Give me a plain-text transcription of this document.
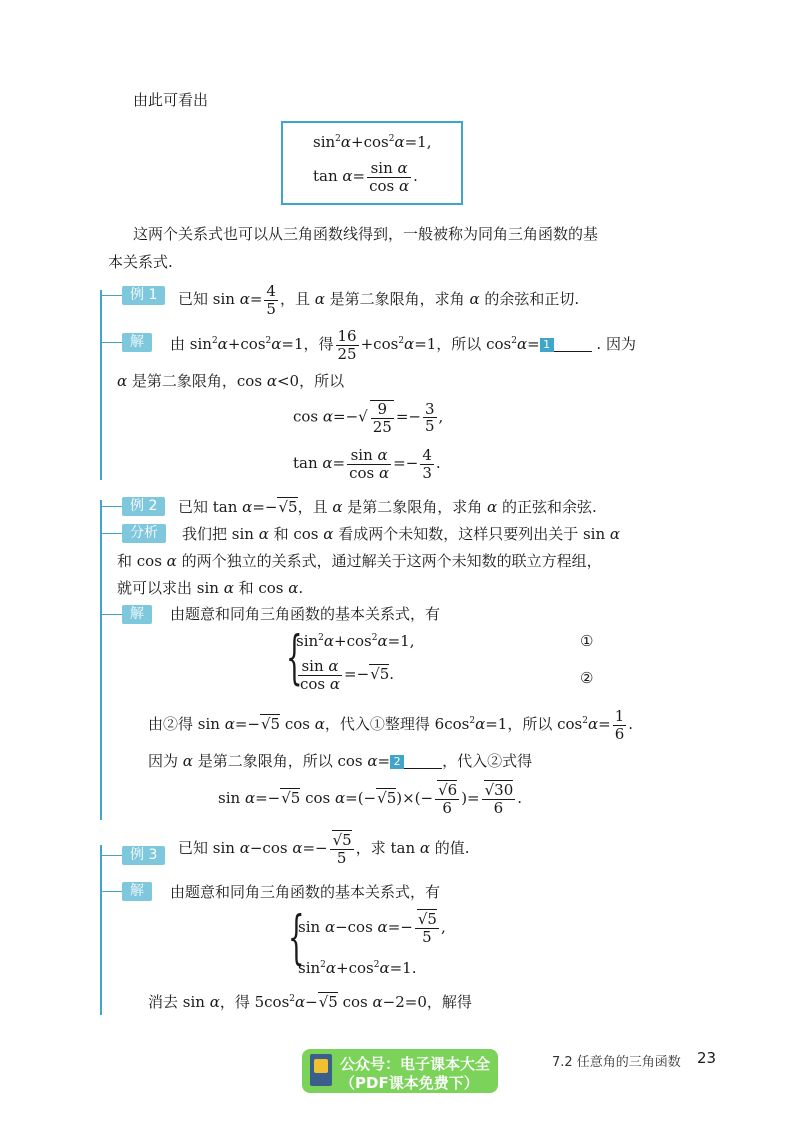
由此可看出
$\sin^2\alpha+\cos^2\alpha=1$,
$\tan \alpha= \frac{\text{sin α}}{\text{cos α}}$ .
这两个关系式也可以从三角函数线得到，一般被称为同角三角函数的基
本关系式.
例 1	已知 $\sin \alpha= \frac{4}{5}$ ，且 α 是第二象限角，求角 α 的余弦和正切.
解	由 $\sin^2\alpha+\cos^2\alpha=1$，得 $\frac{16}{25} +\cos^2\alpha=1$，所以 $\cos^2\alpha= 1$	. 因为
α 是第二象限角，cos α<0，所以
$\cos \alpha=-√ \frac{9}{25} =- \frac{3}{5}$ ,
$\tan \alpha= \frac{\text{sin α}}{\text{cos α}} =- \frac{4}{3}$ .
例 2	已知 tan α=−√5，且 α 是第二象限角，求角 α 的正弦和余弦.
分析	我们把 sin α 和 cos α 看成两个未知数，这样只要列出关于 sin α
和 cos α 的两个独立的关系式，通过解关于这两个未知数的联立方程组，
就可以求出 sin α 和 cos α.
解	由题意和同角三角函数的基本关系式，有
{
$\sin^2\alpha+\cos^2\alpha=1$,	①
$\frac{\text{sin α}}{\text{cos α}} =-√5$.	②
由②得 sin α=−√5 cos α，代入①整理得 $6\cos^2\alpha=1$，所以 $\cos^2\alpha= \frac{1}{6}$ .
因为 α 是第二象限角，所以 cos α= 2	，代入②式得
sin α=−√5 $\cos \alpha=(-√5)\times(- \frac{√6}{6}$ )= $\frac{√30}{6}$ .
例 3	已知 sin α−cos $\alpha=- \frac{√5}{5}$ ，求 tan α 的值.
解	由题意和同角三角函数的基本关系式，有
{
sin α−cos $\alpha=- \frac{√5}{5}$ ,
$\sin^2\alpha+\cos^2\alpha=1$.
消去 sin α，得 $5\cos^2\alpha-√5$ cos α−2=0，解得
7.2 任意角的三角函数 23
公众号：电子课本大全
（PDF课本免费下）
